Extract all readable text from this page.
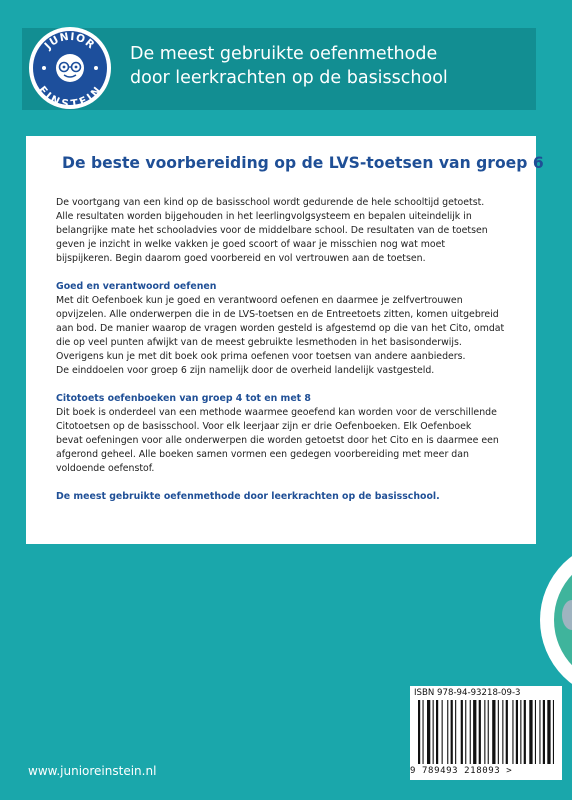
JUNIOR
EINSTEIN
De meest gebruikte oefenmethode
door leerkrachten op de basisschool
De beste voorbereiding op de LVS-toetsen van groep 6

De voortgang van een kind op de basisschool wordt gedurende de hele schooltijd getoetst.
Alle resultaten worden bijgehouden in het leerlingvolgsysteem en bepalen uiteindelijk in
belangrijke mate het schooladvies voor de middelbare school. De resultaten van de toetsen
geven je inzicht in welke vakken je goed scoort of waar je misschien nog wat moet
bijspijkeren. Begin daarom goed voorbereid en vol vertrouwen aan de toetsen.

Goed en verantwoord oefenen
Met dit Oefenboek kun je goed en verantwoord oefenen en daarmee je zelfvertrouwen
opvijzelen. Alle onderwerpen die in de LVS-toetsen en de Entreetoets zitten, komen uitgebreid
aan bod. De manier waarop de vragen worden gesteld is afgestemd op die van het Cito, omdat
die op veel punten afwijkt van de meest gebruikte lesmethoden in het basisonderwijs.
Overigens kun je met dit boek ook prima oefenen voor toetsen van andere aanbieders.
De einddoelen voor groep 6 zijn namelijk door de overheid landelijk vastgesteld.

Citotoets oefenboeken van groep 4 tot en met 8
Dit boek is onderdeel van een methode waarmee geoefend kan worden voor de verschillende
Citotoetsen op de basisschool. Voor elk leerjaar zijn er drie Oefenboeken. Elk Oefenboek
bevat oefeningen voor alle onderwerpen die worden getoetst door het Cito en is daarmee een
afgerond geheel. Alle boeken samen vormen een gedegen voorbereiding met meer dan
voldoende oefenstof.

De meest gebruikte oefenmethode door leerkrachten op de basisschool.

ISBN 978-94-93218-09-3
9 789493 218093 >
www.junioreinstein.nl
